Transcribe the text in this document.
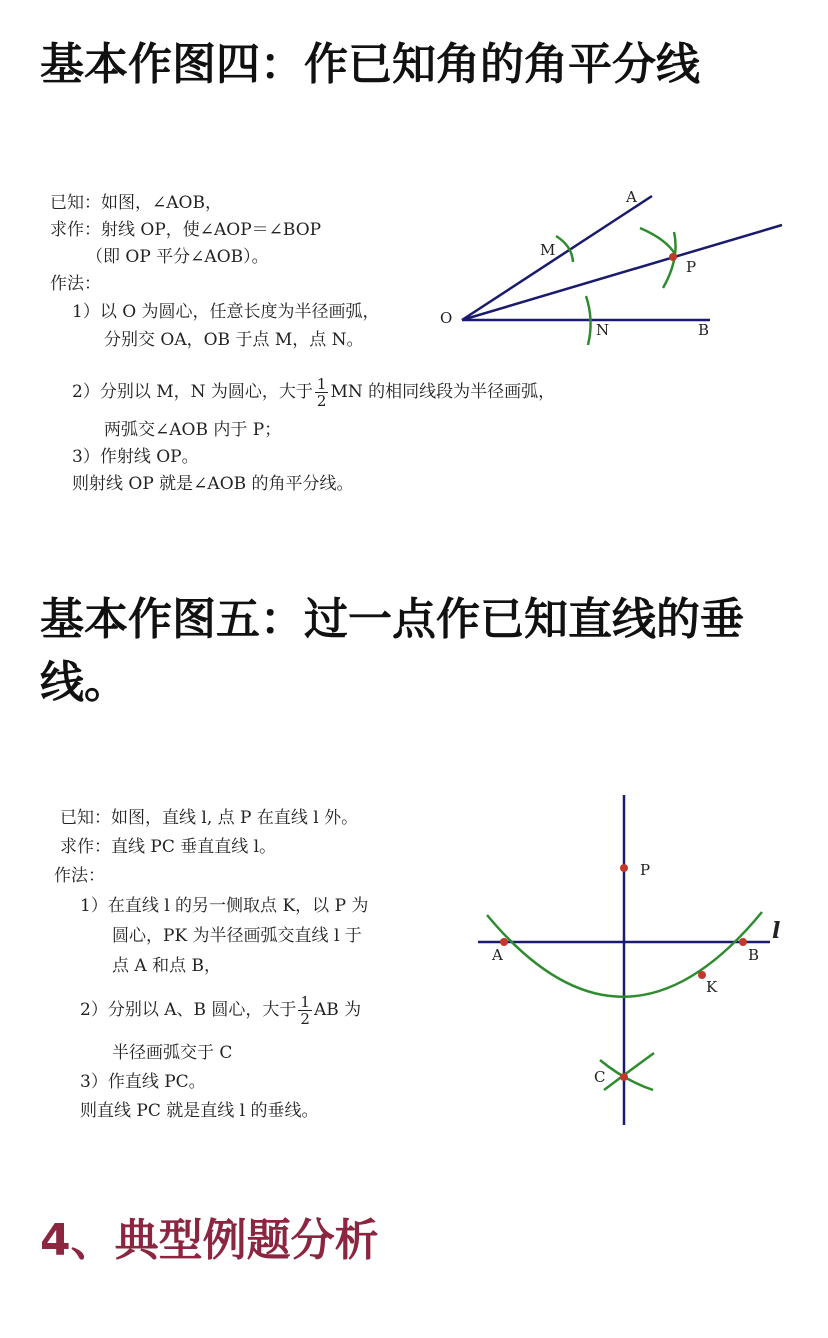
基本作图四：作已知角的角平分线
已知：如图，∠AOB，
求作：射线 OP，使∠AOP＝∠BOP
（即 OP 平分∠AOB）。
作法：
1）以 O 为圆心，任意长度为半径画弧，
分别交 OA，OB 于点 M，点 N。
2）分别以 M，N 为圆心，大于 $\frac{1}{2}$ MN 的相同线段为半径画弧，
两弧交∠AOB 内于 P；
3）作射线 OP。
则射线 OP 就是∠AOB 的角平分线。
A
M
P
O
N	B
基本作图五：过一点作已知直线的垂
线。
已知：如图，直线 l, 点 P 在直线 l 外。
求作：直线 PC 垂直直线 l。
作法：
1）在直线 l 的另一侧取点 K，以 P 为
圆心，PK 为半径画弧交直线 l 于
点 A 和点 B，
2）分别以 A、B 圆心，大于 $\frac{1}{2}$ AB 为
半径画弧交于 C
3）作直线 PC。
则直线 PC 就是直线 l 的垂线。
P
l
A	B
K
C
4、典型例题分析
